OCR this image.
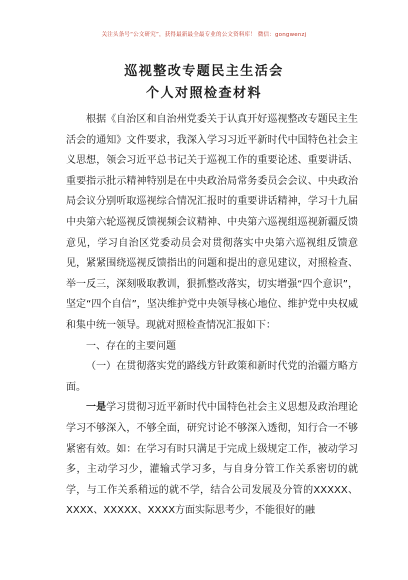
关注头条号“公文研究”，获得最新最全最专业的公文资料库！ 微信：gongwenzj
巡视整改专题民主生活会
个人对照检查材料

根据《自治区和自治州党委关于认真开好巡视整改专题民主生活会的通知》文件要求，我深入学习习近平新时代中国特色社会主义思想，领会习近平总书记关于巡视工作的重要论述、重要讲话、重要指示批示精神特别是在中央政治局常务委员会会议、中央政治局会议分别听取巡视综合情况汇报时的重要讲话精神，学习十九届中央第六轮巡视反馈视频会议精神、中央第六巡视组巡视新疆反馈意见，学习自治区党委动员会对贯彻落实中央第六巡视组反馈意见，紧紧围绕巡视反馈指出的问题和提出的意见建议，对照检查、举一反三，深刻吸取教训，狠抓整改落实，切实增强“四个意识”，坚定“四个自信”，坚决维护党中央领导核心地位、维护党中央权威和集中统一领导。现就对照检查情况汇报如下：

一、存在的主要问题

（一）在贯彻落实党的路线方针政策和新时代党的治疆方略方面。

一是学习贯彻习近平新时代中国特色社会主义思想及政治理论学习不够深入，不够全面，研究讨论不够深入透彻，知行合一不够紧密有效。如：在学习有时只满足于完成上级规定工作，被动学习多，主动学习少，灌输式学习多，与自身分管工作关系密切的就学，与工作关系稍远的就不学，结合公司发展及分管的XXXXX、XXXX、XXXXX、XXXX方面实际思考少，不能很好的融
